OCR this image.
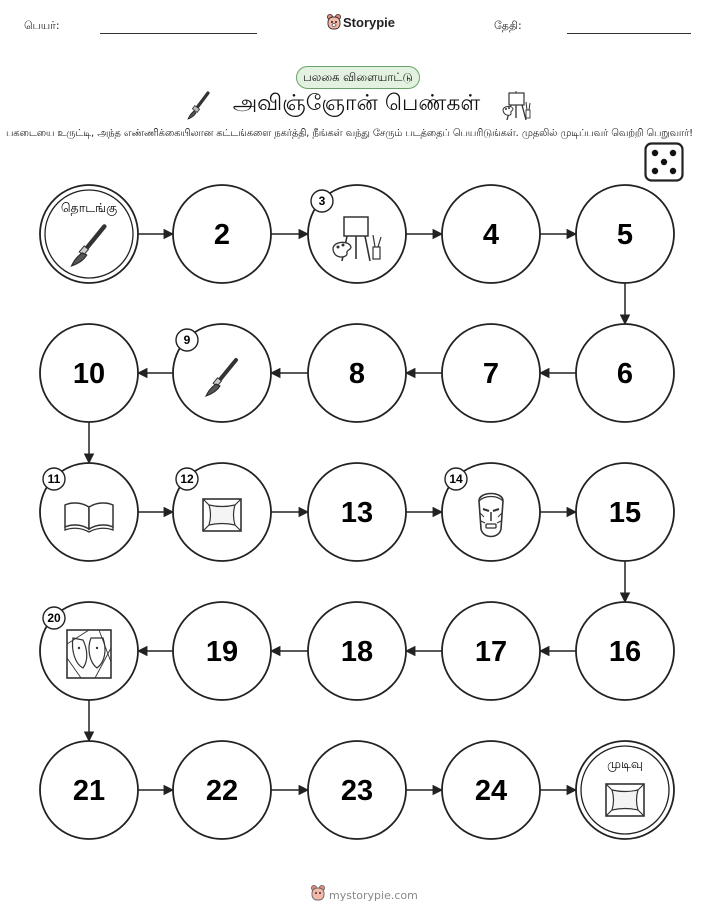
பெயர்:	Storypie	தேதி:
பலகை விளையாட்டு
அவிஞ்ஞோன் பெண்கள்
பகடையை உருட்டி, அந்த எண்ணிக்கையிலான கட்டங்களை நகர்த்தி, நீங்கள் வந்து சேரும் படத்தைப் பெயரிடுங்கள். முதலில் முடிப்பவர் வெற்றி பெறுவார்!
தொடங்கு
2
3
4	5
6
7
8
9
10
11	12
13
14
15
16
17
18
19
20
21	22	23	24
முடிவு
mystorypie.com
